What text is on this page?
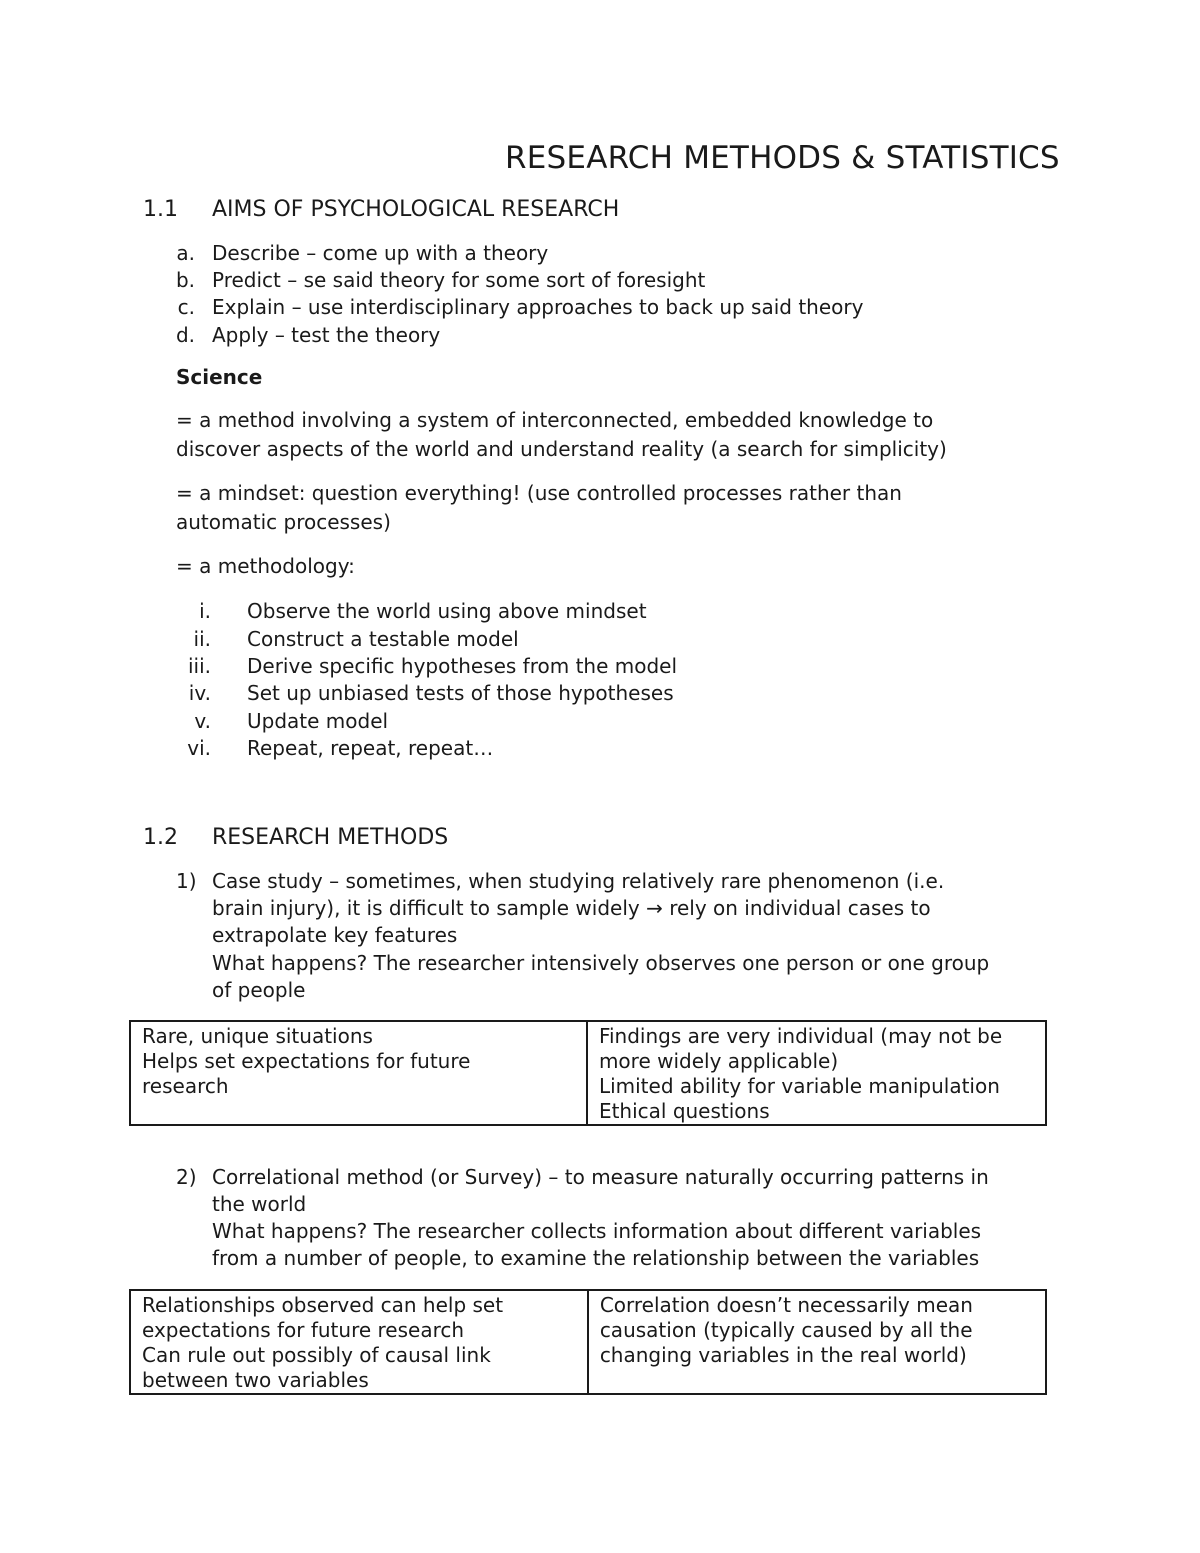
RESEARCH METHODS & STATISTICS
1.1 AIMS OF PSYCHOLOGICAL RESEARCH
a. Describe – come up with a theory
b. Predict – se said theory for some sort of foresight
c. Explain – use interdisciplinary approaches to back up said theory
d. Apply – test the theory
Science
= a method involving a system of interconnected, embedded knowledge to
discover aspects of the world and understand reality (a search for simplicity)
= a mindset: question everything! (use controlled processes rather than
automatic processes)
= a methodology:
i. Observe the world using above mindset
ii. Construct a testable model
iii. Derive specific hypotheses from the model
iv. Set up unbiased tests of those hypotheses
v. Update model
vi. Repeat, repeat, repeat…
1.2 RESEARCH METHODS
1) Case study – sometimes, when studying relatively rare phenomenon (i.e.
brain injury), it is difficult to sample widely → rely on individual cases to
extrapolate key features
What happens? The researcher intensively observes one person or one group
of people
Rare, unique situations
Helps set expectations for future
research

Findings are very individual (may not be
more widely applicable)
Limited ability for variable manipulation
Ethical questions
2) Correlational method (or Survey) – to measure naturally occurring patterns in
the world
What happens? The researcher collects information about different variables
from a number of people, to examine the relationship between the variables
Relationships observed can help set
expectations for future research
Can rule out possibly of causal link
between two variables

Correlation doesn’t necessarily mean
causation (typically caused by all the
changing variables in the real world)
